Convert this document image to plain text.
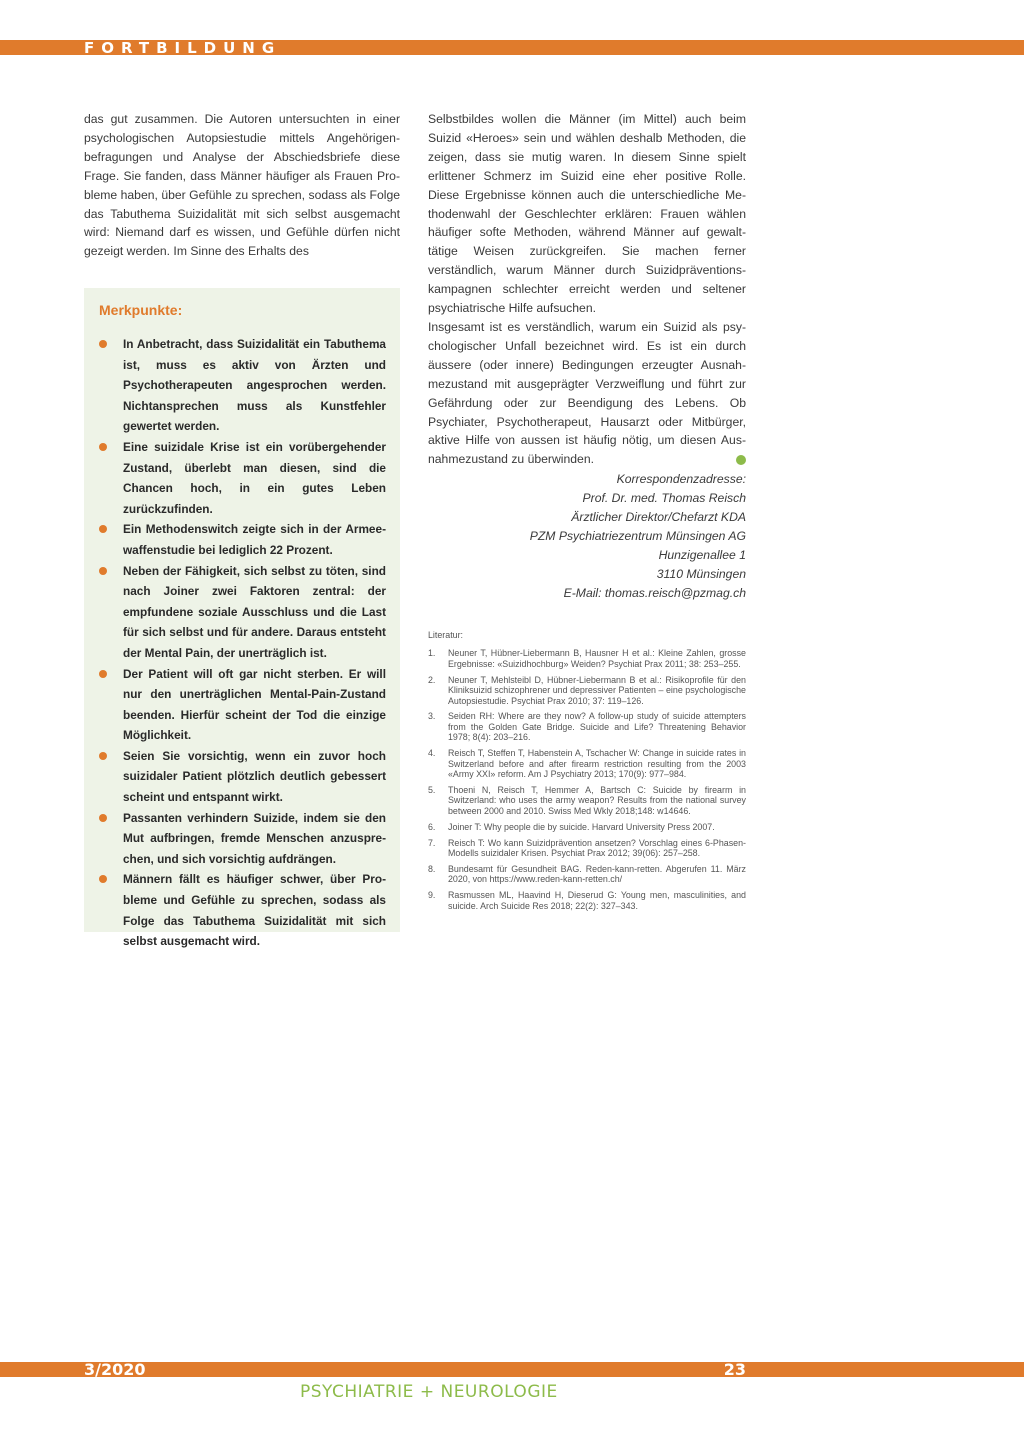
FORTBILDUNG

das gut zusammen. Die Autoren untersuchten in einer psychologischen Autopsiestudie mittels Angehörigenbefragungen und Analyse der Abschiedsbriefe diese Frage. Sie fanden, dass Männer häufiger als Frauen Probleme haben, über Gefühle zu sprechen, sodass als Folge das Tabuthema Suizidalität mit sich selbst ausgemacht wird: Niemand darf es wissen, und Gefühle dürfen nicht gezeigt werden. Im Sinne des Erhalts des

Merkpunkte:
In Anbetracht, dass Suizidalität ein Tabuthema ist, muss es aktiv von Ärzten und Psychotherapeuten angesprochen werden. Nichtansprechen muss als Kunstfehler gewertet werden.
Eine suizidale Krise ist ein vorübergehender Zustand, überlebt man diesen, sind die Chancen hoch, in ein gutes Leben zurückzufinden.
Ein Methodenswitch zeigte sich in der Armeewaffenstudie bei lediglich 22 Prozent.
Neben der Fähigkeit, sich selbst zu töten, sind nach Joiner zwei Faktoren zentral: der empfundene soziale Ausschluss und die Last für sich selbst und für andere. Daraus entsteht der Mental Pain, der unerträglich ist.
Der Patient will oft gar nicht sterben. Er will nur den unerträglichen Mental-Pain-Zustand beenden. Hierfür scheint der Tod die einzige Möglichkeit.
Seien Sie vorsichtig, wenn ein zuvor hoch suizidaler Patient plötzlich deutlich gebessert scheint und entspannt wirkt.
Passanten verhindern Suizide, indem sie den Mut aufbringen, fremde Menschen anzusprechen, und sich vorsichtig aufdrängen.
Männern fällt es häufiger schwer, über Probleme und Gefühle zu sprechen, sodass als Folge das Tabuthema Suizidalität mit sich selbst ausgemacht wird.

Selbstbildes wollen die Männer (im Mittel) auch beim Suizid «Heroes» sein und wählen deshalb Methoden, die zeigen, dass sie mutig waren. In diesem Sinne spielt erlittener Schmerz im Suizid eine eher positive Rolle. Diese Ergebnisse können auch die unterschiedliche Methodenwahl der Geschlechter erklären: Frauen wählen häufiger softe Methoden, während Männer auf gewalttätige Weisen zurückgreifen. Sie machen ferner verständlich, warum Männer durch Suizidpräventionskampagnen schlechter erreicht werden und seltener psychiatrische Hilfe aufsuchen.

Insgesamt ist es verständlich, warum ein Suizid als psychologischer Unfall bezeichnet wird. Es ist ein durch äussere (oder innere) Bedingungen erzeugter Ausnahmezustand mit ausgeprägter Verzweiflung und führt zur Gefährdung oder zur Beendigung des Lebens. Ob Psychiater, Psychotherapeut, Hausarzt oder Mitbürger, aktive Hilfe von aussen ist häufig nötig, um diesen Ausnahmezustand zu überwinden.

Korrespondenzadresse:
Prof. Dr. med. Thomas Reisch
Ärztlicher Direktor/Chefarzt KDA
PZM Psychiatriezentrum Münsingen AG
Hunzigenallee 1
3110 Münsingen
E-Mail: thomas.reisch@pzmag.ch
Literatur:
1. Neuner T, Hübner-Liebermann B, Hausner H et al.: Kleine Zahlen, grosse Ergebnisse: «Suizidhochburg» Weiden? Psychiat Prax 2011; 38: 253–255.
2. Neuner T, Mehlsteibl D, Hübner-Liebermann B et al.: Risikoprofile für den Kliniksuizid schizophrener und depressiver Patienten – eine psychologische Autopsiestudie. Psychiat Prax 2010; 37: 119–126.
3. Seiden RH: Where are they now? A follow-up study of suicide attempters from the Golden Gate Bridge. Suicide and Life? Threatening Behavior 1978; 8(4): 203–216.
4. Reisch T, Steffen T, Habenstein A, Tschacher W: Change in suicide rates in Switzerland before and after firearm restriction resulting from the 2003 «Army XXI» reform. Am J Psychiatry 2013; 170(9): 977–984.
5. Thoeni N, Reisch T, Hemmer A, Bartsch C: Suicide by firearm in Switzerland: who uses the army weapon? Results from the national survey between 2000 and 2010. Swiss Med Wkly 2018;148: w14646.
6. Joiner T: Why people die by suicide. Harvard University Press 2007.
7. Reisch T: Wo kann Suizidprävention ansetzen? Vorschlag eines 6-Phasen-Modells suizidaler Krisen. Psychiat Prax 2012; 39(06): 257–258.
8. Bundesamt für Gesundheit BAG. Reden-kann-retten. Abgerufen 11. März 2020, von https://www.reden-kann-retten.ch/
9. Rasmussen ML, Haavind H, Dieserud G: Young men, masculinities, and suicide. Arch Suicide Res 2018; 22(2): 327–343.
3/2020	23
PSYCHIATRIE + NEUROLOGIE
